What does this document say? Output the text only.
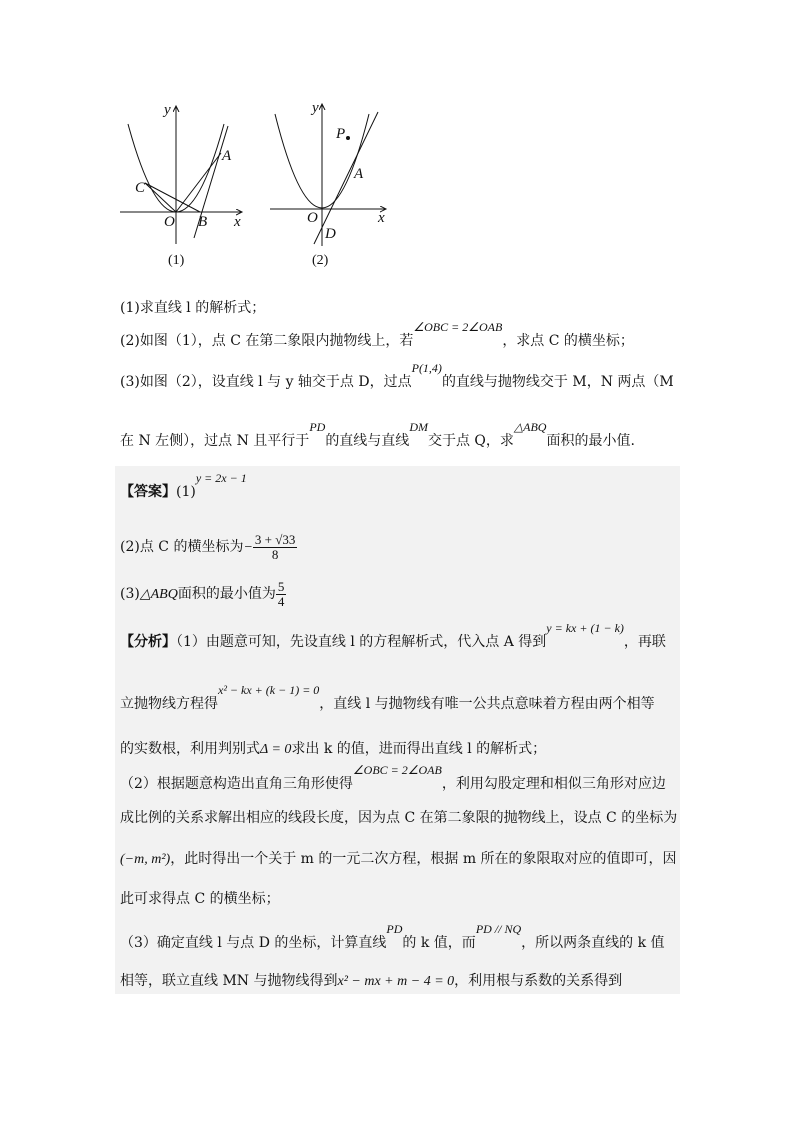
y
x
O
A
B
C
(1)
y
x
O
A
D
P
(2)
(1)求直线 l 的解析式；
(2)如图（1），点 C 在第二象限内抛物线上，若∠OBC = 2∠OAB，求点 C 的横坐标；
(3)如图（2），设直线 l 与 y 轴交于点 D，过点P(1,4)的直线与抛物线交于 M，N 两点（M
在 N 左侧），过点 N 且平行于PD的直线与直线DM交于点 Q，求△ABQ面积的最小值.
【答案】(1)y = 2x − 1
(2)点 C 的横坐标为− $\frac{3 + √33}{8}$
(3)△ABQ面积的最小值为 $\frac{5}{4}$
【分析】（1）由题意可知，先设直线 l 的方程解析式，代入点 A 得到y = kx + (1 − k)，再联
立抛物线方程得x² − kx + (k − 1) = 0，直线 l 与抛物线有唯一公共点意味着方程由两个相等
的实数根，利用判别式Δ = 0求出 k 的值，进而得出直线 l 的解析式；
（2）根据题意构造出直角三角形使得∠OBC = 2∠OAB，利用勾股定理和相似三角形对应边
成比例的关系求解出相应的线段长度，因为点 C 在第二象限的抛物线上，设点 C 的坐标为
(−m, m²)，此时得出一个关于 m 的一元二次方程，根据 m 所在的象限取对应的值即可，因
此可求得点 C 的横坐标；
（3）确定直线 l 与点 D 的坐标，计算直线PD的 k 值，而PD // NQ，所以两条直线的 k 值
相等，联立直线 MN 与抛物线得到x² − mx + m − 4 = 0，利用根与系数的关系得到
